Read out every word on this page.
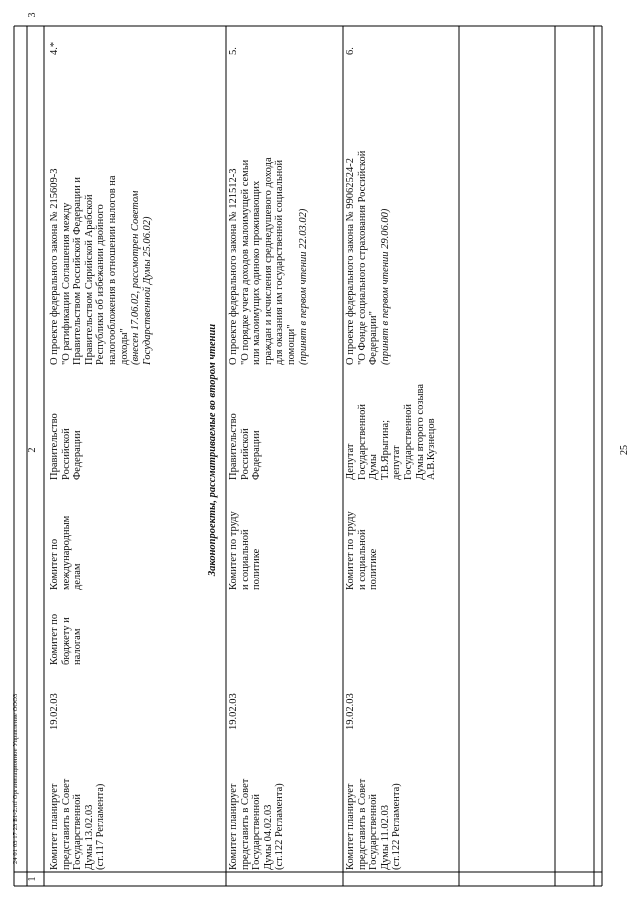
25
24 01 03 17 23 Б1-2.rtf Организационное Управление ООО3
1
2
3
4.*
О проекте федерального закона № 215609-3 "О ратификации Соглашения между Правительством Российской Федерации и Правительством Сирийской Арабской Республики об избежании двойного налогообложения в отношении налогов на доходы" (внесен 17.06.02, рассмотрен Советом Государственной Думы 25.06.02)
Правительство Российской Федерации
Комитет по международным делам
Комитет по бюджету и налогам
19.02.03
Комитет планирует представить в Совет Государственной Думы 13.02.03 (ст.117 Регламента)
Законопроекты, рассматриваемые во втором чтении
5.
О проекте федерального закона № 121512-3 "О порядке учета доходов малоимущей семьи или малоимущих одиноко проживающих граждан и исчисления среднедушевого дохода для оказания им государственной социальной помощи" (принят в первом чтении 22.03.02)
Правительство Российской Федерации
Комитет по труду и социальной политике
19.02.03
Комитет планирует представить в Совет Государственной Думы 04.02.03 (ст.122 Регламента)
6.
О проекте федерального закона № 99062524-2 "О Фонде социального страхования Российской Федерации" (принят в первом чтении 29.06.00)
Депутат Государственной Думы Т.В.Ярыгина; депутат Государственной Думы второго созыва А.В.Кузнецов
Комитет по труду и социальной политике
19.02.03
Комитет планирует представить в Совет Государственной Думы 11.02.03 (ст.122 Регламента)
